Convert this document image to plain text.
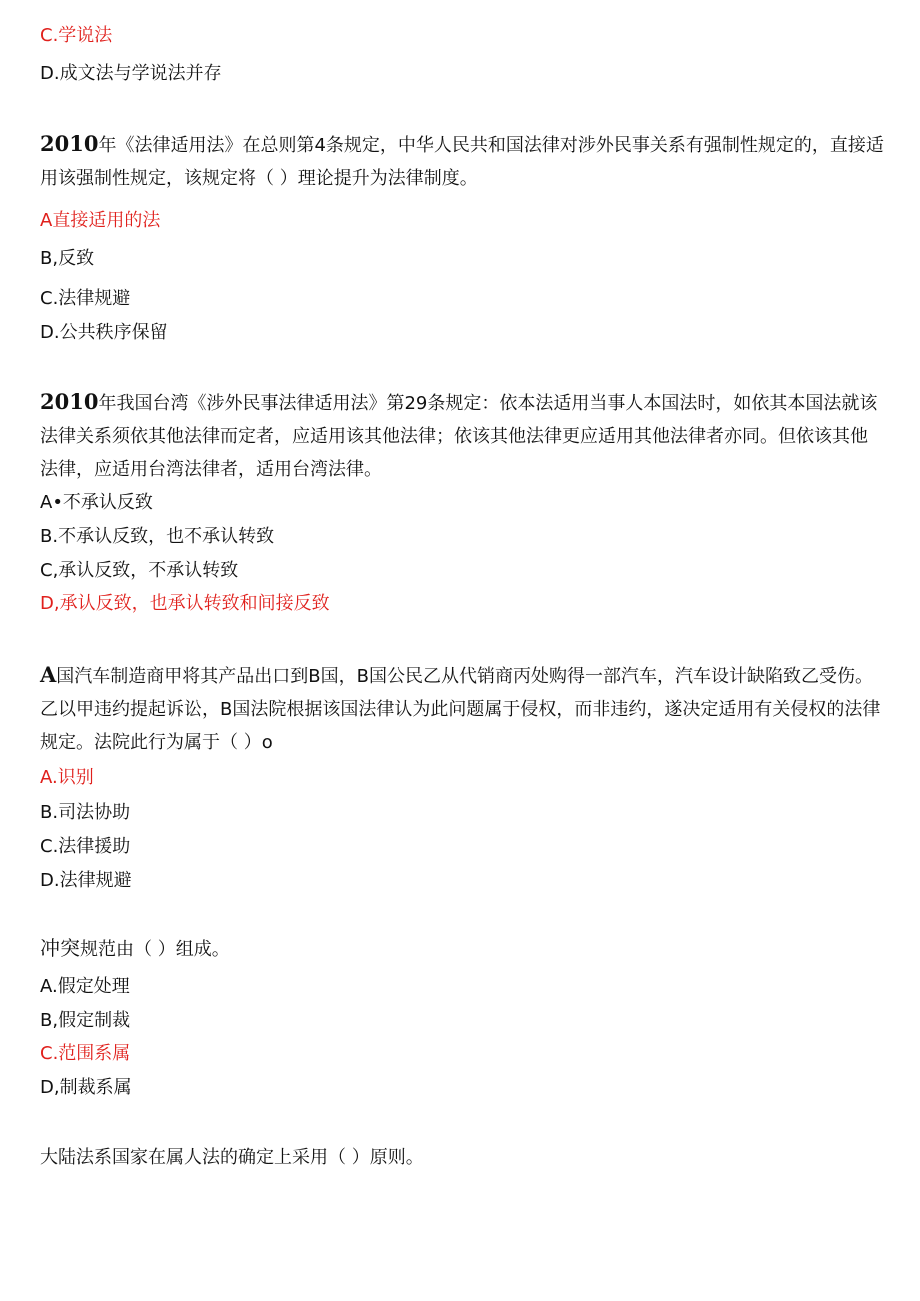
C.学说法
D.成文法与学说法并存
2010年《法律适用法》在总则第4条规定，中华人民共和国法律对涉外民事关系有强制性规定的，直接适用该强制性规定，该规定将（ ）理论提升为法律制度。
A直接适用的法
B,反致
C.法律规避
D.公共秩序保留
2010年我国台湾《涉外民事法律适用法》第29条规定：依本法适用当事人本国法时，如依其本国法就该法律关系须依其他法律而定者，应适用该其他法律；依该其他法律更应适用其他法律者亦同。但依该其他法律，应适用台湾法律者，适用台湾法律。
A•不承认反致
B.不承认反致，也不承认转致
C,承认反致，不承认转致
D,承认反致，也承认转致和间接反致
A国汽车制造商甲将其产品出口到B国，B国公民乙从代销商丙处购得一部汽车，汽车设计缺陷致乙受伤。乙以甲违约提起诉讼，B国法院根据该国法律认为此问题属于侵权，而非违约，遂决定适用有关侵权的法律规定。法院此行为属于（ ）o
A.识别
B.司法协助
C.法律援助
D.法律规避
冲突规范由（ ）组成。
A.假定处理
B,假定制裁
C.范围系属
D,制裁系属
大陆法系国家在属人法的确定上采用（ ）原则。
